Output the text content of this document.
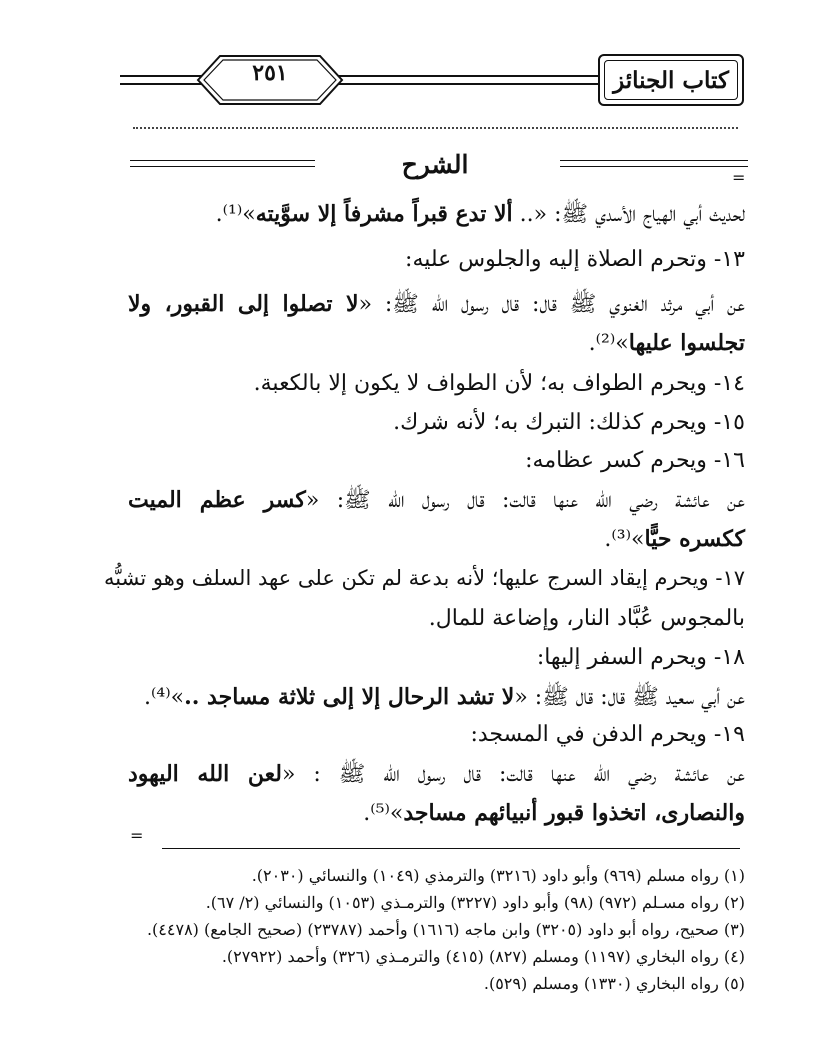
٢٥١	كتاب الجنائز
الشرح	=
لحديث أبي الهياج الأسدي ﷺ: «.. ألا تدع قبراً مشرفاً إلا سوَّيته»⁽¹⁾.
١٣- وتحرم الصلاة إليه والجلوس عليه:
عن أبي مرثد الغنوي ﷺ قال: قال رسول الله ﷺ: «لا تصلوا إلى القبور، ولا
تجلسوا عليها»⁽²⁾.
١٤- ويحرم الطواف به؛ لأن الطواف لا يكون إلا بالكعبة.
١٥- ويحرم كذلك: التبرك به؛ لأنه شرك.
١٦- ويحرم كسر عظامه:
عن عائشة رضي الله عنها قالت: قال رسول الله ﷺ: «كسر عظم الميت
ككسره حيًّا»⁽³⁾.
١٧- ويحرم إيقاد السرج عليها؛ لأنه بدعة لم تكن على عهد السلف وهو تشبُّه
بالمجوس عُبَّاد النار، وإضاعة للمال.
١٨- ويحرم السفر إليها:
عن أبي سعيد ﷺ قال: قال ﷺ: «لا تشد الرحال إلا إلى ثلاثة مساجد ..»⁽⁴⁾.
١٩- ويحرم الدفن في المسجد:
عن عائشة رضي الله عنها قالت: قال رسول الله ﷺ : «لعن الله اليهود
والنصارى، اتخذوا قبور أنبيائهم مساجد»⁽⁵⁾.
=
(١) رواه مسلم (٩٦٩) وأبو داود (٣٢١٦) والترمذي (١٠٤٩) والنسائي (٢٠٣٠).
(٢) رواه مسـلم (٩٧٢) (٩٨) وأبو داود (٣٢٢٧) والترمـذي (١٠٥٣) والنسائي (٢/ ٦٧).
(٣) صحيح، رواه أبو داود (٣٢٠٥) وابن ماجه (١٦١٦) وأحمد (٢٣٧٨٧) (صحيح الجامع) (٤٤٧٨).
(٤) رواه البخاري (١١٩٧) ومسلم (٨٢٧) (٤١٥) والترمـذي (٣٢٦) وأحمد (٢٧٩٢٢).
(٥) رواه البخاري (١٣٣٠) ومسلم (٥٢٩).
